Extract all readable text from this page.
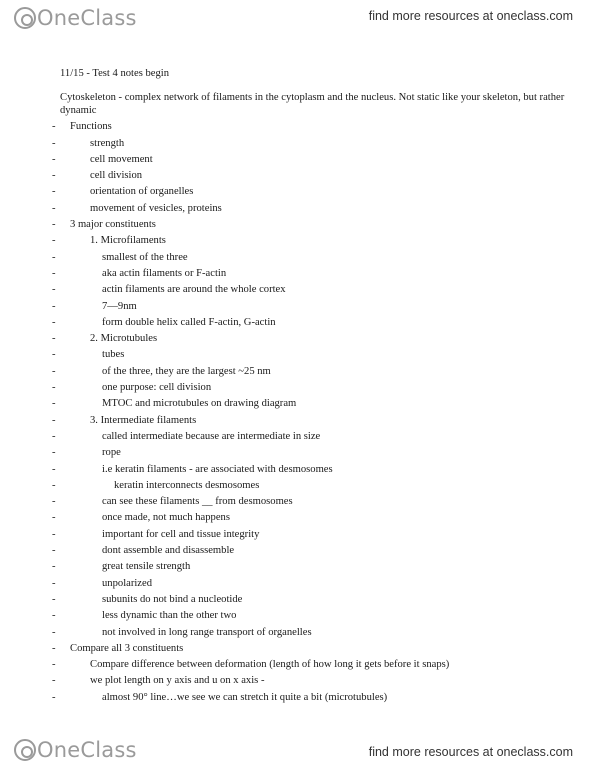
OneClass	find more resources at oneclass.com
11/15 - Test 4 notes begin
Cytoskeleton - complex network of filaments in the cytoplasm and the nucleus. Not static like your skeleton, but rather dynamic
- Functions
-	strength
-	cell movement
-	cell division
-	orientation of organelles
-	movement of vesicles, proteins
- 3 major constituents
-	1. Microfilaments
-	smallest of the three
-	aka actin filaments or F-actin
-	actin filaments are around the whole cortex
-	7—9nm
-	form double helix called F-actin, G-actin
-	2. Microtubules
-	tubes
-	of the three, they are the largest ~25 nm
-	one purpose: cell division
-	MTOC and microtubules on drawing diagram
-	3. Intermediate filaments
-	called intermediate because are intermediate in size
-	rope
-	i.e keratin filaments - are associated with desmosomes
-	keratin interconnects desmosomes
-	can see these filaments __ from desmosomes
-	once made, not much happens
-	important for cell and tissue integrity
-	dont assemble and disassemble
-	great tensile strength
-	unpolarized
-	subunits do not bind a nucleotide
-	less dynamic than the other two
-	not involved in long range transport of organelles
- Compare all 3 constituents
-	Compare difference between deformation (length of how long it gets before it snaps)
-	we plot length on y axis and u on x axis -
-	almost 90° line…we see we can stretch it quite a bit (microtubules)
OneClass	find more resources at oneclass.com
